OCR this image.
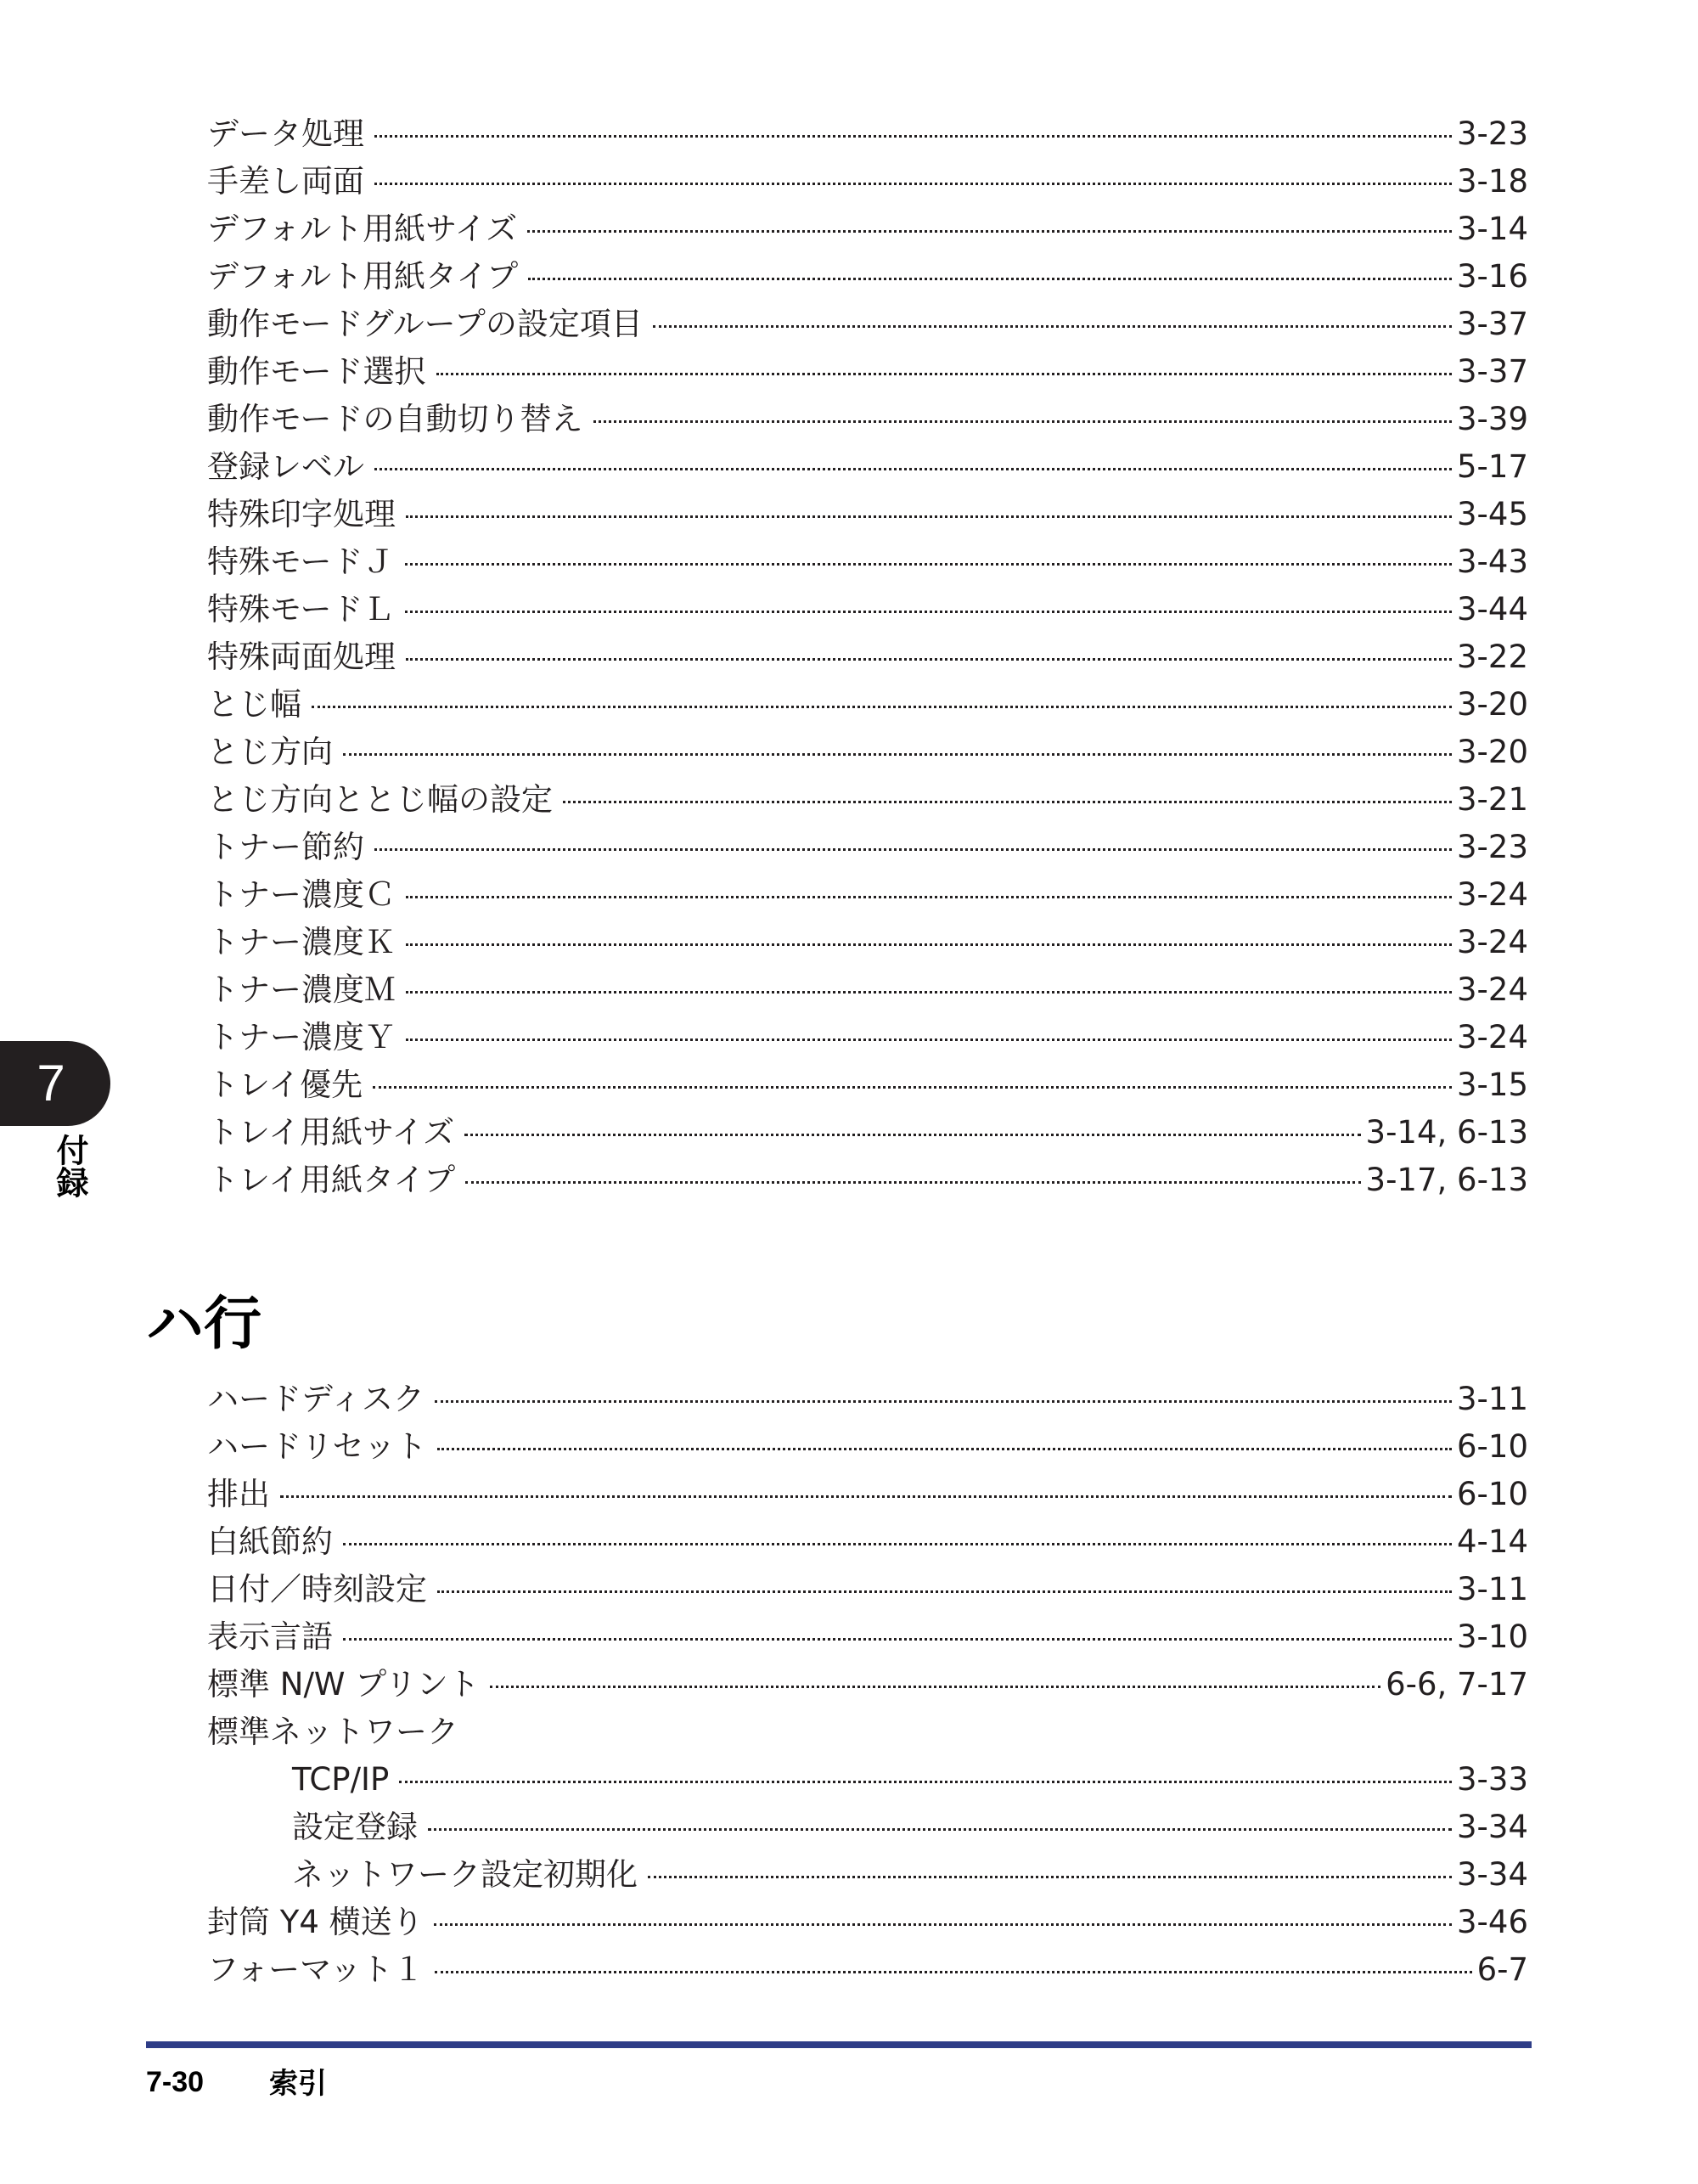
データ処理	3-23
手差し両面	3-18
デフォルト用紙サイズ	3-14
デフォルト用紙タイプ	3-16
動作モードグループの設定項目	3-37
動作モード選択	3-37
動作モードの自動切り替え	3-39
登録レベル	5-17
特殊印字処理	3-45
特殊モードＪ	3-43
特殊モードＬ	3-44
特殊両面処理	3-22
とじ幅	3-20
とじ方向	3-20
とじ方向ととじ幅の設定	3-21
トナー節約	3-23
トナー濃度Ｃ	3-24
トナー濃度Ｋ	3-24
トナー濃度Ｍ	3-24
トナー濃度Ｙ	3-24
トレイ優先	3-15
トレイ用紙サイズ	3-14, 6-13
トレイ用紙タイプ	3-17, 6-13
ハ行
ハードディスク	3-11
ハードリセット	6-10
排出	6-10
白紙節約	4-14
日付／時刻設定	3-11
表示言語	3-10
標準 N/W プリント	6-6, 7-17
標準ネットワーク
TCP/IP	3-33
設定登録	3-34
ネットワーク設定初期化	3-34
封筒 Y4 横送り	3-46
フォーマット１	6-7
7
付録
7-30 索引
